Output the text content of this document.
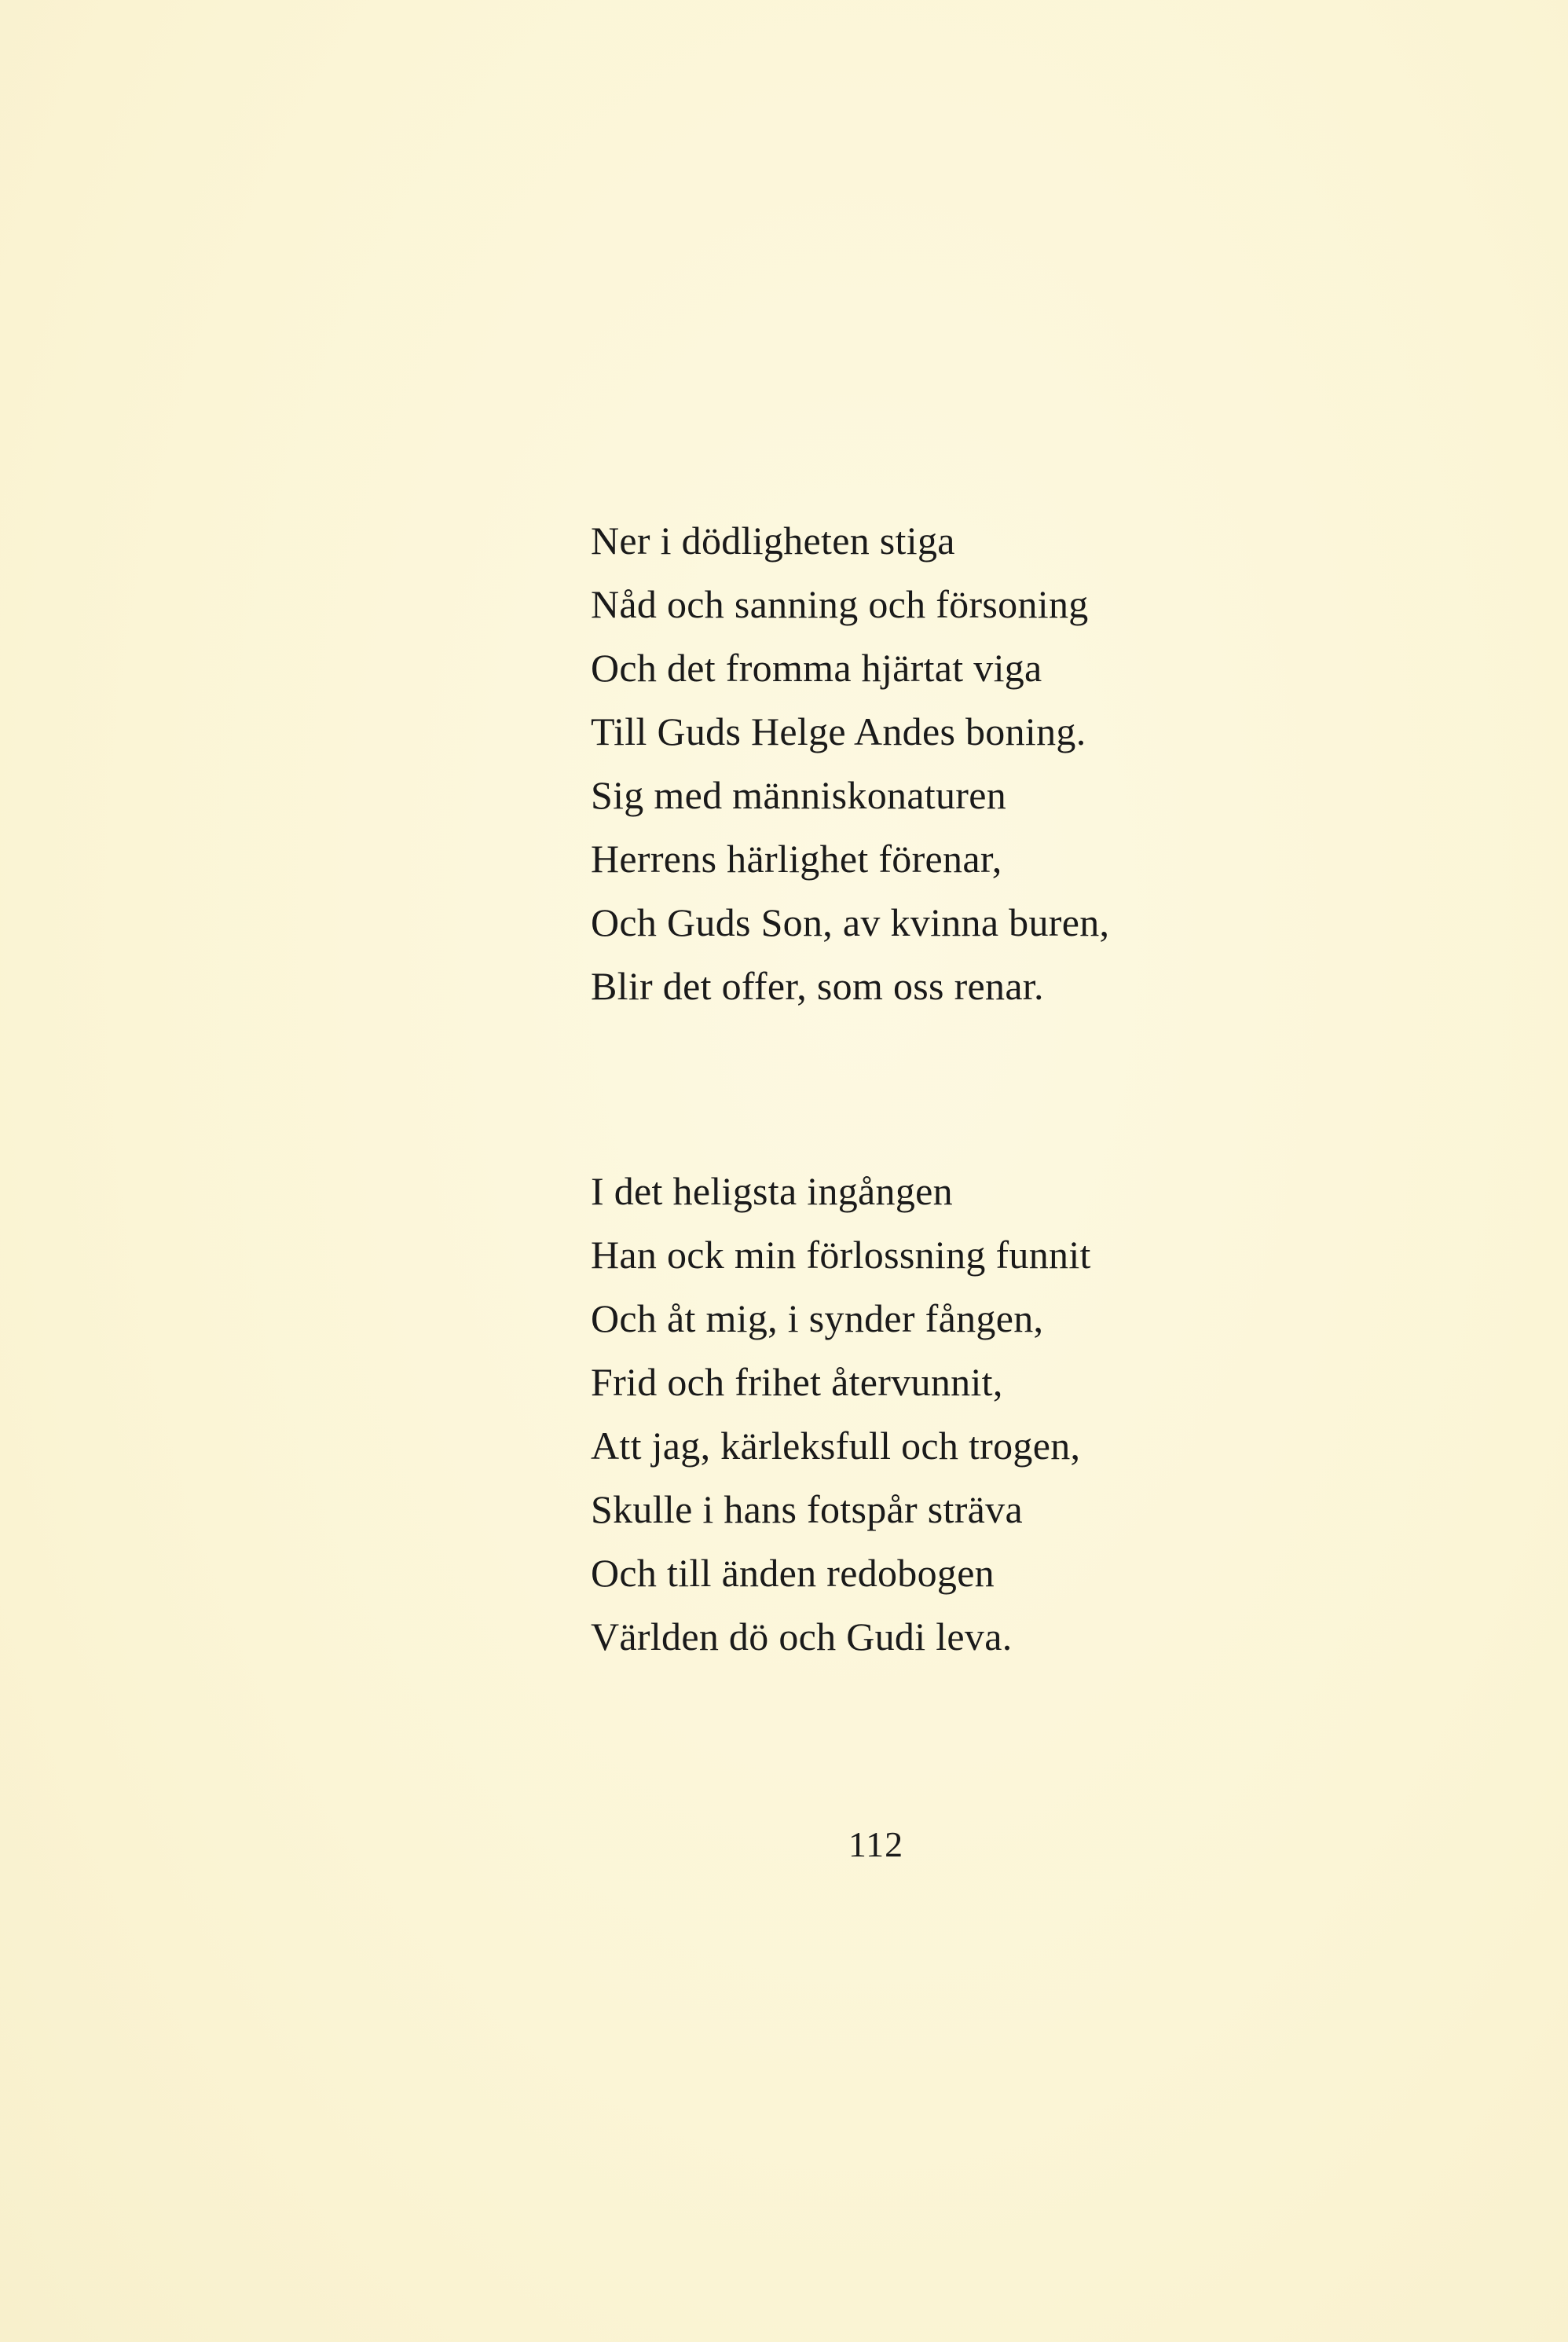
Ner i dödligheten stiga
Nåd och sanning och försoning
Och det fromma hjärtat viga
Till Guds Helge Andes boning.
Sig med människonaturen
Herrens härlighet förenar,
Och Guds Son, av kvinna buren,
Blir det offer, som oss renar.
I det heligsta ingången
Han ock min förlossning funnit
Och åt mig, i synder fången,
Frid och frihet återvunnit,
Att jag, kärleksfull och trogen,
Skulle i hans fotspår sträva
Och till änden redobogen
Världen dö och Gudi leva.
112
